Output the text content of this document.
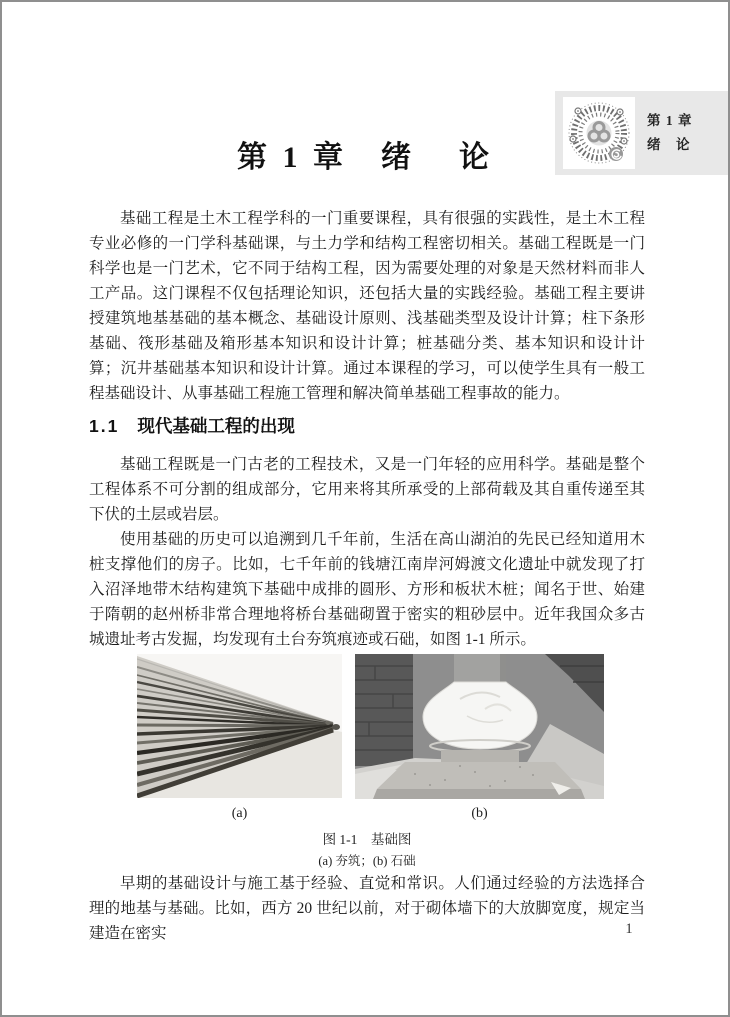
第 1 章
绪　论
第 1 章 绪 论

基础工程是土木工程学科的一门重要课程，具有很强的实践性，是土木工程专业必修的一门学科基础课，与土力学和结构工程密切相关。基础工程既是一门科学也是一门艺术，它不同于结构工程，因为需要处理的对象是天然材料而非人工产品。这门课程不仅包括理论知识，还包括大量的实践经验。基础工程主要讲授建筑地基基础的基本概念、基础设计原则、浅基础类型及设计计算；柱下条形基础、筏形基础及箱形基本知识和设计计算；桩基础分类、基本知识和设计计算；沉井基础基本知识和设计计算。通过本课程的学习，可以使学生具有一般工程基础设计、从事基础工程施工管理和解决简单基础工程事故的能力。

1.1 现代基础工程的出现

基础工程既是一门古老的工程技术，又是一门年轻的应用科学。基础是整个工程体系不可分割的组成部分，它用来将其所承受的上部荷载及其自重传递至其下伏的土层或岩层。

使用基础的历史可以追溯到几千年前，生活在高山湖泊的先民已经知道用木桩支撑他们的房子。比如，七千年前的钱塘江南岸河姆渡文化遗址中就发现了打入沼泽地带木结构建筑下基础中成排的圆形、方形和板状木桩；闻名于世、始建于隋朝的赵州桥非常合理地将桥台基础砌置于密实的粗砂层中。近年我国众多古城遗址考古发掘，均发现有土台夯筑痕迹或石础，如图 1-1 所示。

(a)	(b)
图 1-1　基础图
(a) 夯筑；(b) 石础

早期的基础设计与施工基于经验、直觉和常识。人们通过经验的方法选择合理的地基与基础。比如，西方 20 世纪以前，对于砌体墙下的大放脚宽度，规定当建造在密实	1
